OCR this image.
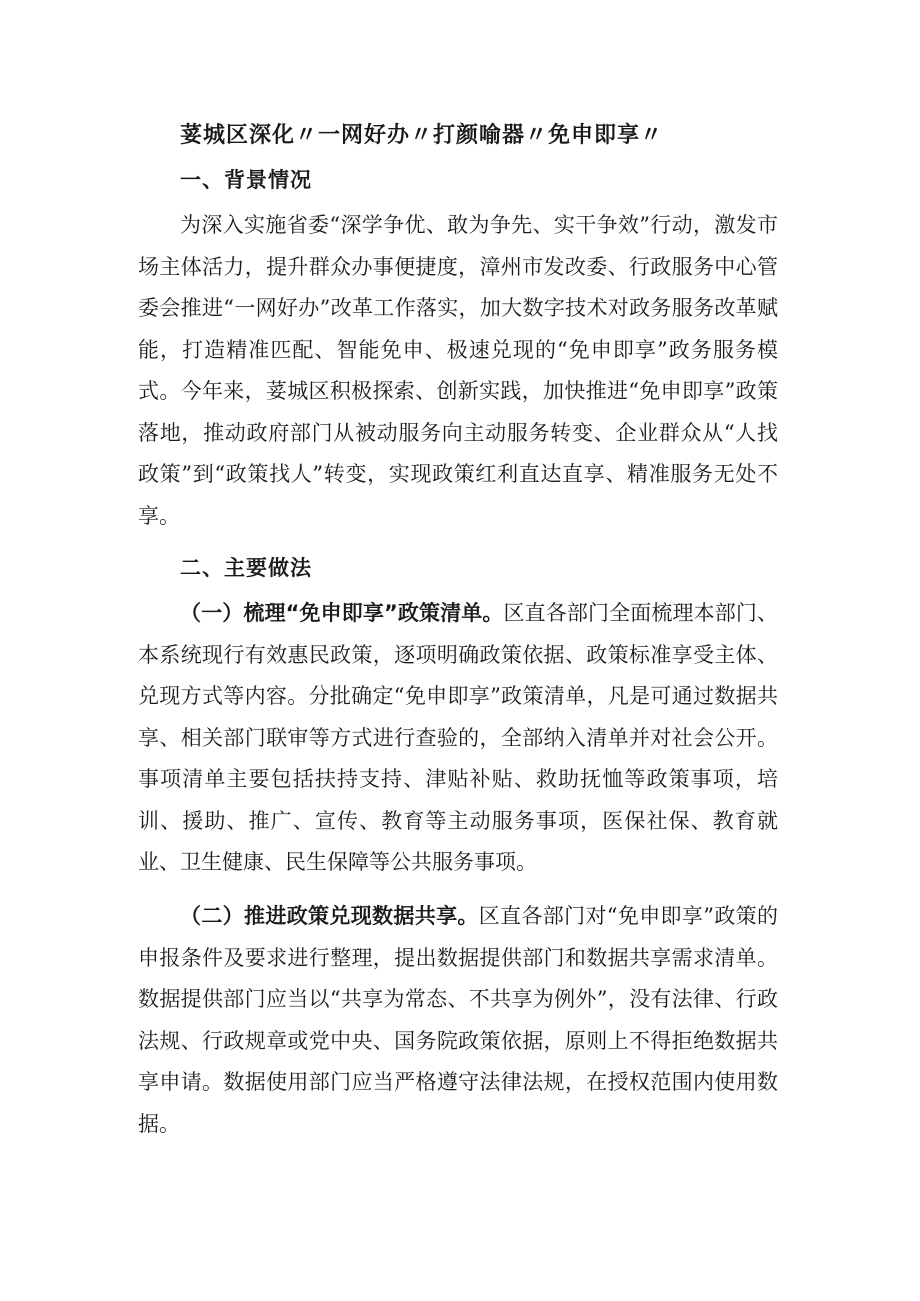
荽城区深化〃一网好办〃打颜喻器〃免申即享〃
一、背景情况

为深入实施省委“深学争优、敢为争先、实干争效”行动，激发市场主体活力，提升群众办事便捷度，漳州市发改委、行政服务中心管委会推进“一网好办”改革工作落实，加大数字技术对政务服务改革赋能，打造精准匹配、智能免申、极速兑现的“免申即享”政务服务模式。今年来，荽城区积极探索、创新实践，加快推进“免申即享”政策落地，推动政府部门从被动服务向主动服务转变、企业群众从“人找政策”到“政策找人”转变，实现政策红利直达直享、精准服务无处不享。

二、主要做法

（一）梳理“免申即享”政策清单。区直各部门全面梳理本部门、本系统现行有效惠民政策，逐项明确政策依据、政策标准享受主体、兑现方式等内容。分批确定“免申即享”政策清单，凡是可通过数据共享、相关部门联审等方式进行查验的，全部纳入清单并对社会公开。事项清单主要包括扶持支持、津贴补贴、救助抚恤等政策事项，培训、援助、推广、宣传、教育等主动服务事项，医保社保、教育就业、卫生健康、民生保障等公共服务事项。

（二）推进政策兑现数据共享。区直各部门对“免申即享”政策的申报条件及要求进行整理，提出数据提供部门和数据共享需求清单。数据提供部门应当以“共享为常态、不共享为例外”，没有法律、行政法规、行政规章或党中央、国务院政策依据，原则上不得拒绝数据共享申请。数据使用部门应当严格遵守法律法规，在授权范围内使用数据。
